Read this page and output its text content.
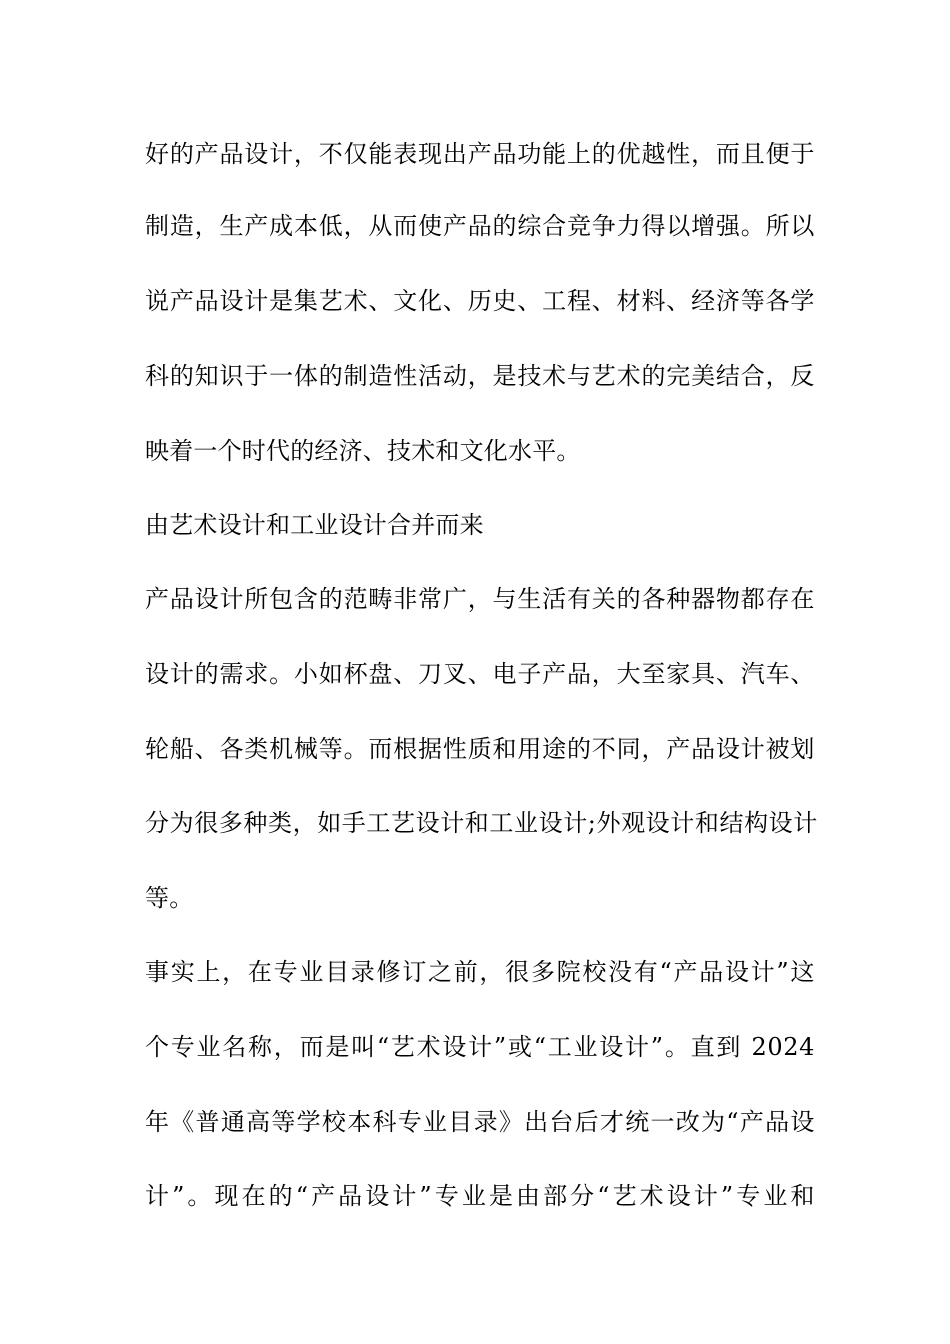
好的产品设计，不仅能表现出产品功能上的优越性，而且便于
制造，生产成本低，从而使产品的综合竞争力得以增强。所以
说产品设计是集艺术、文化、历史、工程、材料、经济等各学
科的知识于一体的制造性活动，是技术与艺术的完美结合，反
映着一个时代的经济、技术和文化水平。
由艺术设计和工业设计合并而来
产品设计所包含的范畴非常广，与生活有关的各种器物都存在
设计的需求。小如杯盘、刀叉、电子产品，大至家具、汽车、
轮船、各类机械等。而根据性质和用途的不同，产品设计被划
分为很多种类，如手工艺设计和工业设计;外观设计和结构设计
等。
事实上，在专业目录修订之前，很多院校没有“产品设计”这
个专业名称，而是叫“艺术设计”或“工业设计”。直到 2024
年《普通高等学校本科专业目录》出台后才统一改为“产品设
计”。现在的“产品设计”专业是由部分“艺术设计”专业和
